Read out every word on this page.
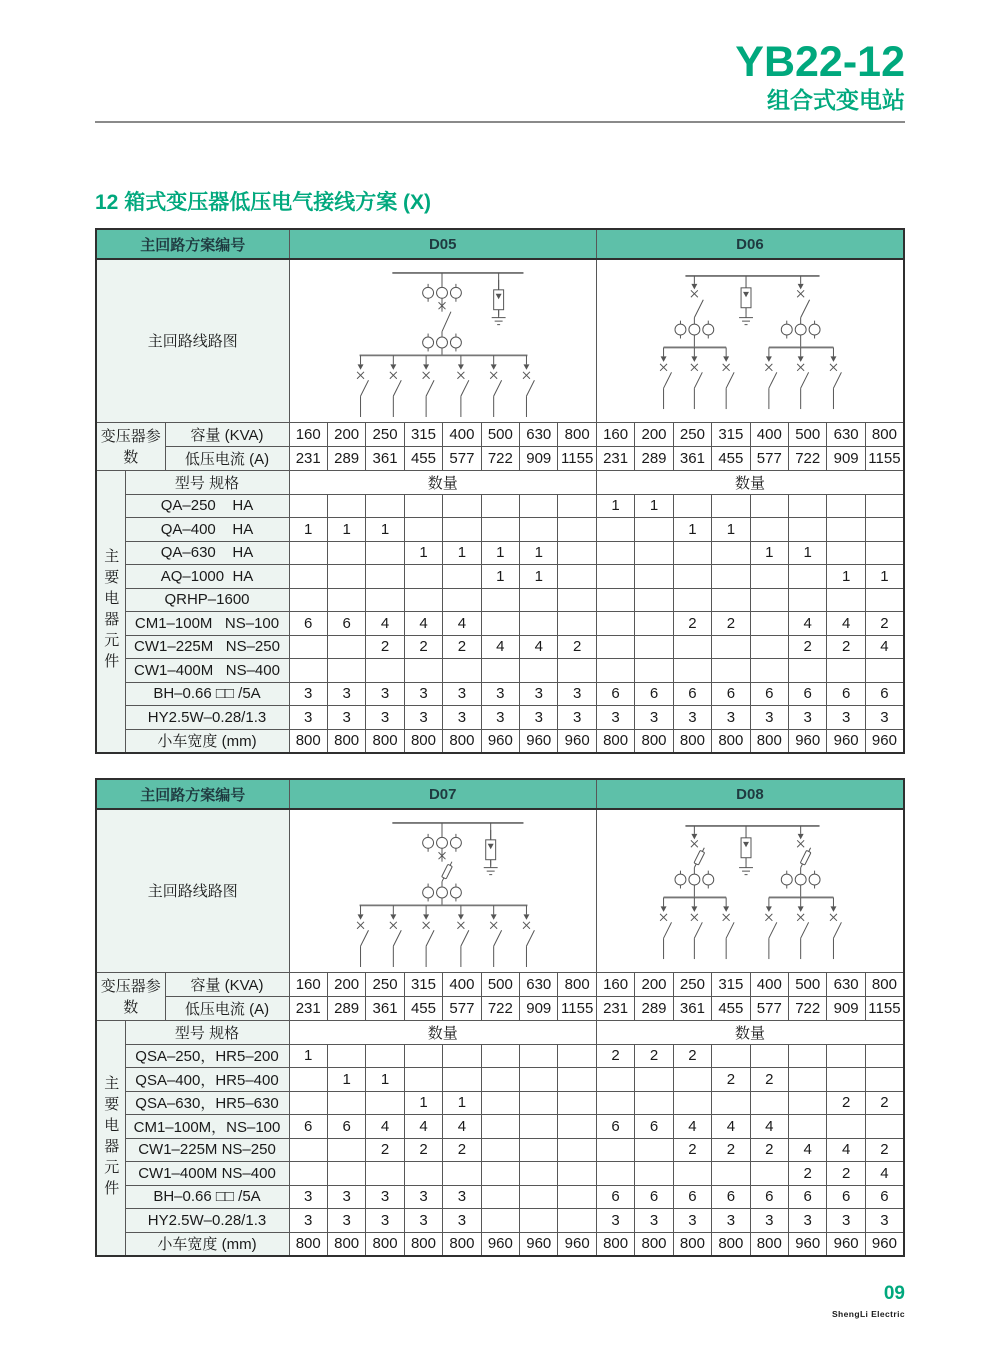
YB22-12
组合式变电站
12 箱式变压器低压电气接线方案 (X)
主回路方案编号			D05								D06							
主回路线路图	

变压器参数		容量 (KVA)	160	200	250	315	400	500	630	800	160	200	250	315	400	500	630	800
		低压电流 (A)	231	289	361	455	577	722	909	1155	231	289	361	455	577	722	909	1155
主要电器元件	型号 规格		数量								数量							
	QA–250    HA										1	1						
	QA–400    HA		1	1	1								1	1				
	QA–630    HA					1	1	1	1						1	1		
	AQ–1000  HA							1	1								1	1
	QRHP–1600																	
	CM1–100M   NS–100		6	6	4	4	4						2	2		4	4	2
	CW1–225M   NS–250				2	2	2	4	4	2						2	2	4
	CW1–400M   NS–400																	
	BH–0.66 □□ /5A		3	3	3	3	3	3	3	3	6	6	6	6	6	6	6	6
	HY2.5W–0.28/1.3		3	3	3	3	3	3	3	3	3	3	3	3	3	3	3	3
	小车宽度 (mm)		800	800	800	800	800	960	960	960	800	800	800	800	800	960	960	960
主回路方案编号			D07								D08							
主回路线路图	

变压器参数		容量 (KVA)	160	200	250	315	400	500	630	800	160	200	250	315	400	500	630	800
		低压电流 (A)	231	289	361	455	577	722	909	1155	231	289	361	455	577	722	909	1155
主要电器元件	型号 规格		数量								数量							
	QSA–250，HR5–200		1								2	2	2					
	QSA–400，HR5–400			1	1									2	2			
	QSA–630，HR5–630					1	1										2	2
	CM1–100M，NS–100		6	6	4	4	4				6	6	4	4	4			
	CW1–225M NS–250				2	2	2						2	2	2	4	4	2
	CW1–400M NS–400															2	2	4
	BH–0.66 □□ /5A		3	3	3	3	3				6	6	6	6	6	6	6	6
	HY2.5W–0.28/1.3		3	3	3	3	3				3	3	3	3	3	3	3	3
	小车宽度 (mm)		800	800	800	800	800	960	960	960	800	800	800	800	800	960	960	960
09
ShengLi Electric
